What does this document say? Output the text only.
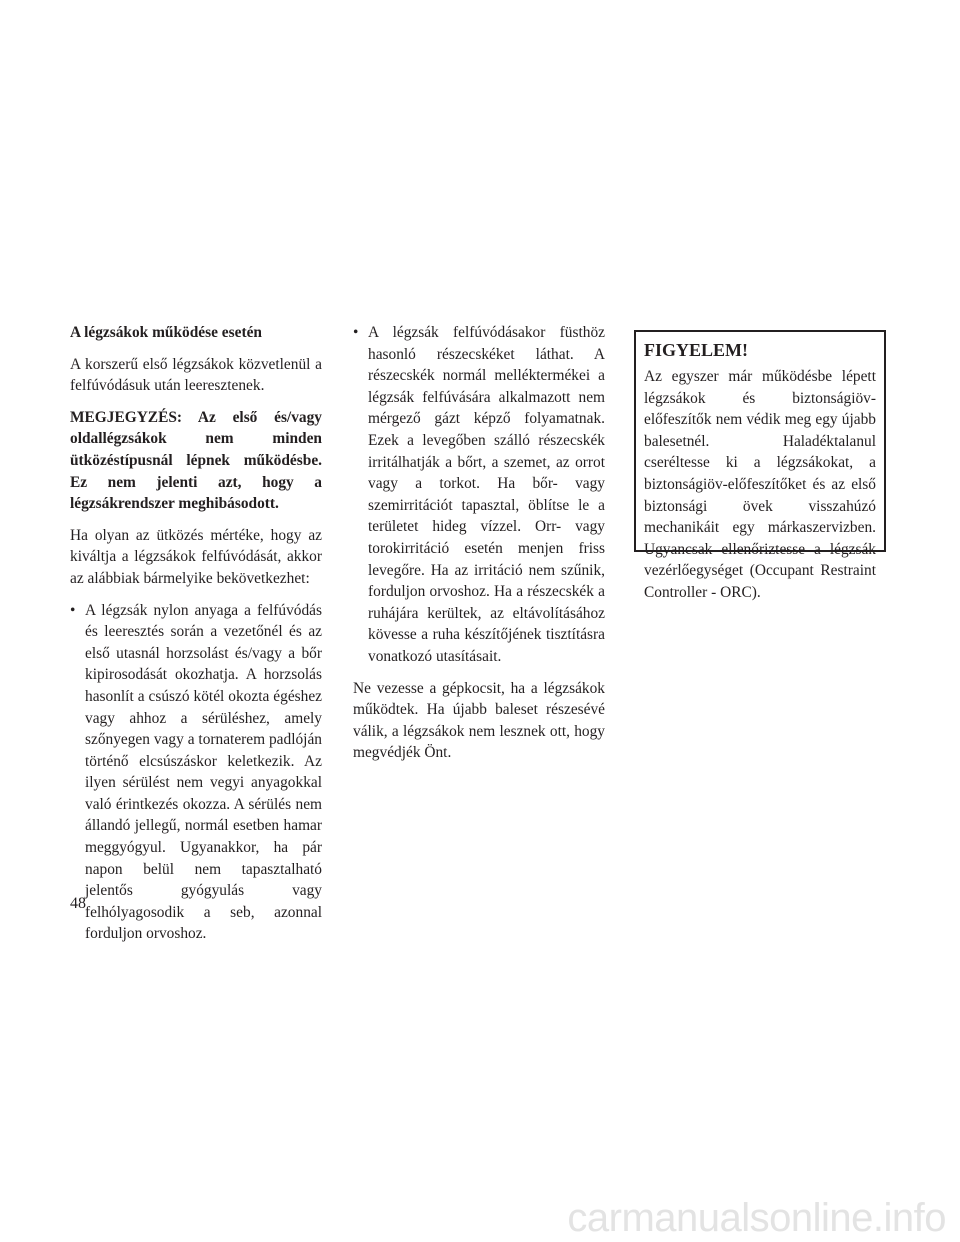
A légzsákok működése esetén

A korszerű első légzsákok közvetlenül a felfúvódásuk után leeresztenek.

MEGJEGYZÉS: Az első és/vagy oldallégzsákok nem minden ütközéstípusnál lépnek működésbe. Ez nem jelenti azt, hogy a légzsákrendszer meghibásodott.

Ha olyan az ütközés mértéke, hogy az kiváltja a légzsákok felfúvódását, akkor az alábbiak bármelyike bekövetkezhet:

• A légzsák nylon anyaga a felfúvódás és leeresztés során a vezetőnél és az első utasnál horzsolást és/vagy a bőr kipirosodását okozhatja. A horzsolás hasonlít a csúszó kötél okozta égéshez vagy ahhoz a sérüléshez, amely szőnyegen vagy a tornaterem padlóján történő elcsúszáskor keletkezik. Az ilyen sérülést nem vegyi anyagokkal való érintkezés okozza. A sérülés nem állandó jellegű, normál esetben hamar meggyógyul. Ugyanakkor, ha pár napon belül nem tapasztalható jelentős gyógyulás vagy felhólyagosodik a seb, azonnal forduljon orvoshoz.
• A légzsák felfúvódásakor füsthöz hasonló részecskéket láthat. A részecskék normál melléktermékei a légzsák felfúvására alkalmazott nem mérgező gázt képző folyamatnak. Ezek a levegőben szálló részecskék irritálhatják a bőrt, a szemet, az orrot vagy a torkot. Ha bőr- vagy szemirritációt tapasztal, öblítse le a területet hideg vízzel. Orr- vagy torokirritáció esetén menjen friss levegőre. Ha az irritáció nem szűnik, forduljon orvoshoz. Ha a részecskék a ruhájára kerültek, az eltávolításához kövesse a ruha készítőjének tisztításra vonatkozó utasításait.

Ne vezesse a gépkocsit, ha a légzsákok működtek. Ha újabb baleset részesévé válik, a légzsákok nem lesznek ott, hogy megvédjék Önt.

FIGYELEM!

Az egyszer már működésbe lépett légzsákok és biztonságiöv-előfeszítők nem védik meg egy újabb balesetnél. Haladéktalanul cseréltesse ki a légzsákokat, a biztonságiöv-előfeszítőket és az első biztonsági övek visszahúzó mechanikáit egy márkaszervizben. Ugyancsak ellenőriztesse a légzsák vezérlőegységet (Occupant Restraint Controller - ORC).

48
carmanualsonline.info
